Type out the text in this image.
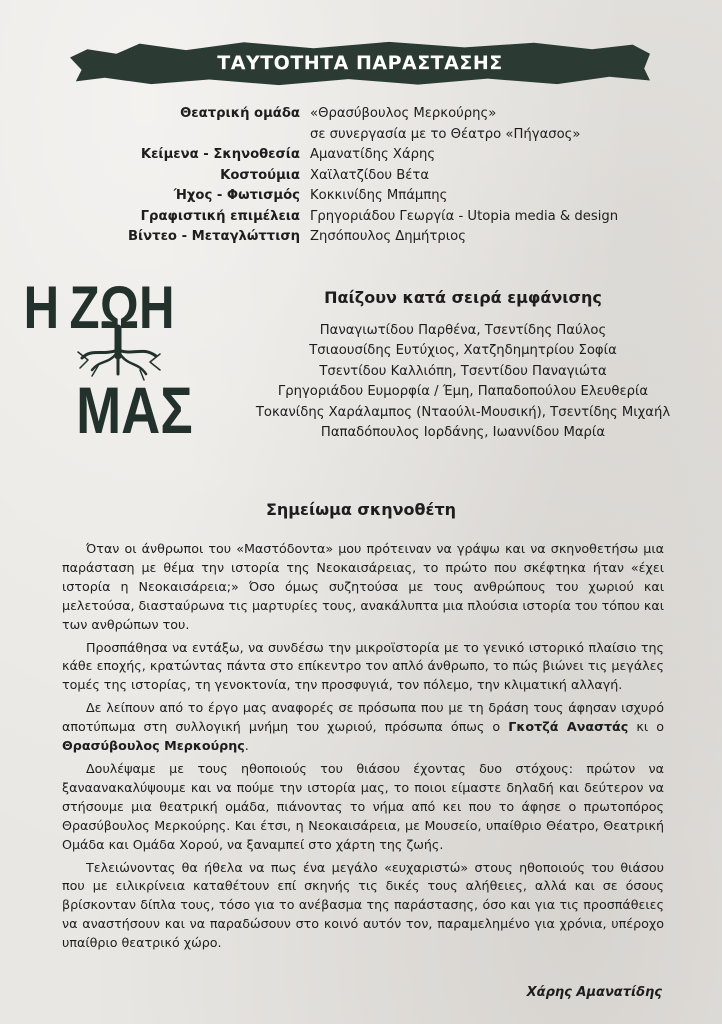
ΤΑΥΤΟΤΗΤΑ ΠΑΡΑΣΤΑΣΗΣ
Θεατρική ομάδα «Θρασύβουλος Μερκούρης»
σε συνεργασία με το Θέατρο «Πήγασος»
Κείμενα - Σκηνοθεσία Αμανατίδης Χάρης
Κοστούμια Χαϊλατζίδου Βέτα
Ήχος - Φωτισμός Κοκκινίδης Μπάμπης
Γραφιστική επιμέλεια Γρηγοριάδου Γεωργία - Utopia media & design
Βίντεο - Μεταγλώττιση Ζησόπουλος Δημήτριος
Η ΖΩΗ
ΜΑΣ
Παίζουν κατά σειρά εμφάνισης
Παναγιωτίδου Παρθένα, Τσεντίδης Παύλος
Τσιαουσίδης Ευτύχιος, Χατζηδημητρίου Σοφία
Τσεντίδου Καλλιόπη, Τσεντίδου Παναγιώτα
Γρηγοριάδου Ευμορφία / Έμη, Παπαδοπούλου Ελευθερία
Τοκανίδης Χαράλαμπος (Νταούλι-Μουσική), Τσεντίδης Μιχαήλ
Παπαδόπουλος Ιορδάνης, Ιωαννίδου Μαρία
Σημείωμα σκηνοθέτη

Όταν οι άνθρωποι του «Μαστόδοντα» μου πρότειναν να γράψω και να σκηνοθετήσω μια παράσταση με θέμα την ιστορία της Νεοκαισάρειας, το πρώτο που σκέφτηκα ήταν «έχει ιστορία η Νεοκαισάρεια;» Όσο όμως συζητούσα με τους ανθρώπους του χωριού και μελετούσα, διασταύρωνα τις μαρτυρίες τους, ανακάλυπτα μια πλούσια ιστορία του τόπου και των ανθρώπων του.

Προσπάθησα να εντάξω, να συνδέσω την μικροϊστορία με το γενικό ιστορικό πλαίσιο της κάθε εποχής, κρατώντας πάντα στο επίκεντρο τον απλό άνθρωπο, το πώς βιώνει τις μεγάλες τομές της ιστορίας, τη γενοκτονία, την προσφυγιά, τον πόλεμο, την κλιματική αλλαγή.

Δε λείπουν από το έργο μας αναφορές σε πρόσωπα που με τη δράση τους άφησαν ισχυρό αποτύπωμα στη συλλογική μνήμη του χωριού, πρόσωπα όπως ο Γκοτζά Αναστάς κι ο Θρασύβουλος Μερκούρης.

Δουλέψαμε με τους ηθοποιούς του θιάσου έχοντας δυο στόχους: πρώτον να ξαναανακαλύψουμε και να πούμε την ιστορία μας, το ποιοι είμαστε δηλαδή και δεύτερον να στήσουμε μια θεατρική ομάδα, πιάνοντας το νήμα από κει που το άφησε ο πρωτοπόρος Θρασύβουλος Μερκούρης. Και έτσι, η Νεοκαισάρεια, με Μουσείο, υπαίθριο Θέατρο, Θεατρική Ομάδα και Ομάδα Χορού, να ξαναμπεί στο χάρτη της ζωής.

Τελειώνοντας θα ήθελα να πως ένα μεγάλο «ευχαριστώ» στους ηθοποιούς του θιάσου που με ειλικρίνεια καταθέτουν επί σκηνής τις δικές τους αλήθειες, αλλά και σε όσους βρίσκονταν δίπλα τους, τόσο για το ανέβασμα της παράστασης, όσο και για τις προσπάθειες να αναστήσουν και να παραδώσουν στο κοινό αυτόν τον, παραμελημένο για χρόνια, υπέροχο υπαίθριο θεατρικό χώρο.

Χάρης Αμανατίδης
